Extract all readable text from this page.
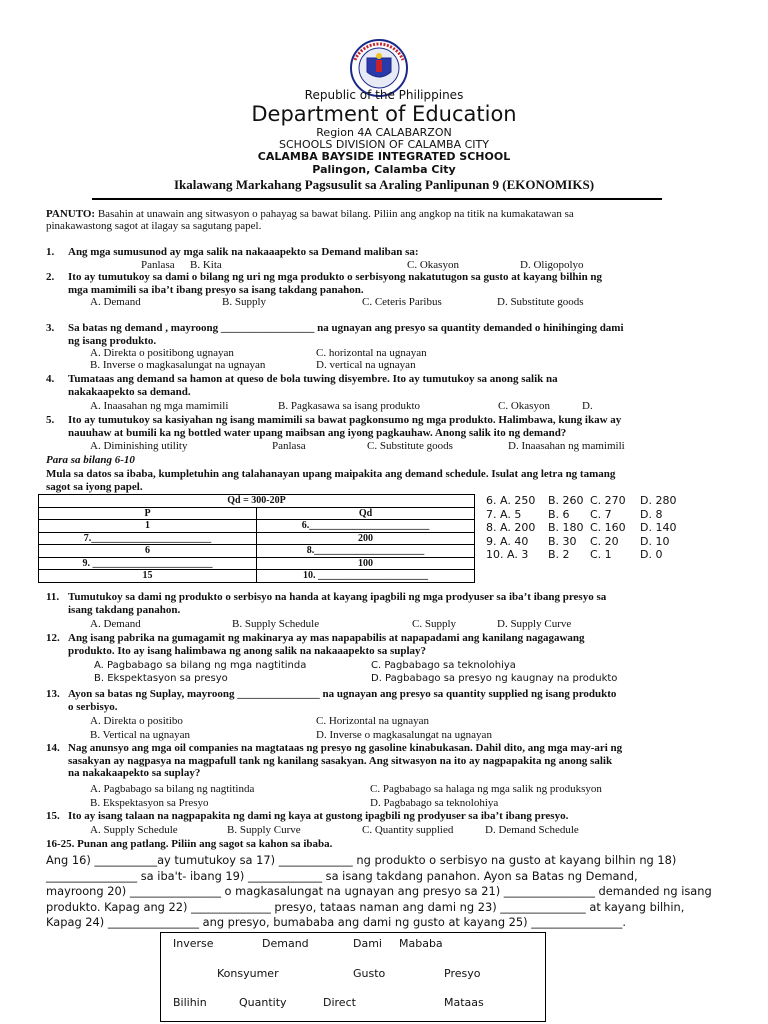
Republic of the Philippines
Department of Education
Region 4A CALABARZON
SCHOOLS DIVISION OF CALAMBA CITY
CALAMBA BAYSIDE INTEGRATED SCHOOL
Palingon, Calamba City
Ikalawang Markahang Pagsusulit sa Araling Panlipunan 9 (EKONOMIKS)
PANUTO: Basahin at unawain ang sitwasyon o pahayag sa bawat bilang. Piliin ang angkop na titik na kumakatawan sa
pinakawastong sagot at ilagay sa sagutang papel.
1. Ang mga sumusunod ay mga salik na nakaaapekto sa Demand maliban sa:
Panlasa B. Kita	C. Okasyon	D. Oligopolyo
2. Ito ay tumutukoy sa dami o bilang ng uri ng mga produkto o serbisyong nakatutugon sa gusto at kayang bilhin ng
mga mamimili sa iba’t ibang presyo sa isang takdang panahon.
A. Demand	B. Supply	C. Ceteris Paribus	D. Substitute goods
3. Sa batas ng demand , mayroong _________________ na ugnayan ang presyo sa quantity demanded o hinihinging dami
ng isang produkto.
A. Direkta o positibong ugnayan	C. horizontal na ugnayan
B. Inverse o magkasalungat na ugnayan	D. vertical na ugnayan
4. Tumataas ang demand sa hamon at queso de bola tuwing disyembre. Ito ay tumutukoy sa anong salik na
nakakaapekto sa demand.
A. Inaasahan ng mga mamimili	B. Pagkasawa sa isang produkto	C. Okasyon	D.
5. Ito ay tumutukoy sa kasiyahan ng isang mamimili sa bawat pagkonsumo ng mga produkto. Halimbawa, kung ikaw ay
nauuhaw at bumili ka ng bottled water upang maibsan ang iyong pagkauhaw. Anong salik ito ng demand?
A. Diminishing utility	Panlasa	C. Substitute goods	D. Inaasahan ng mamimili
Para sa bilang 6-10
Mula sa datos sa ibaba, kumpletuhin ang talahanayan upang maipakita ang demand schedule. Isulat ang letra ng tamang
sagot sa iyong papel.
Qd = 300-20P	
P	Qd
1	6.________________________
7.________________________	200
6	8.______________________
9. ________________________	100
15	10. ______________________
6. A. 250 B. 260 C. 270 D. 280
7. A. 5 B. 6 C. 7	D. 8
8. A. 200 B. 180 C. 160 D. 140
9. A. 40 B. 30 C. 20 D. 10
10. A. 3 B. 2 C. 1	D. 0
11. Tumutukoy sa dami ng produkto o serbisyo na handa at kayang ipagbili ng mga prodyuser sa iba’t ibang presyo sa
isang takdang panahon.
A. Demand	B. Supply Schedule	C. Supply	D. Supply Curve
12. Ang isang pabrika na gumagamit ng makinarya ay mas napapabilis at napapadami ang kanilang nagagawang
produkto. Ito ay isang halimbawa ng anong salik na nakaaapekto sa suplay?
A. Pagbabago sa bilang ng mga nagtitinda	C. Pagbabago sa teknolohiya
B. Ekspektasyon sa presyo	D. Pagbabago sa presyo ng kaugnay na produkto
13. Ayon sa batas ng Suplay, mayroong _______________ na ugnayan ang presyo sa quantity supplied ng isang produkto
o serbisyo.
A. Direkta o positibo	C. Horizontal na ugnayan
B. Vertical na ugnayan	D. Inverse o magkasalungat na ugnayan
14. Nag anunsyo ang mga oil companies na magtataas ng presyo ng gasoline kinabukasan. Dahil dito, ang mga may-ari ng
sasakyan ay nagpasya na magpafull tank ng kanilang sasakyan. Ang sitwasyon na ito ay nagpapakita ng anong salik
na nakakaapekto sa suplay?
A. Pagbabago sa bilang ng nagtitinda	C. Pagbabago sa halaga ng mga salik ng produksyon
B. Ekspektasyon sa Presyo	D. Pagbabago sa teknolohiya
15. Ito ay isang talaan na nagpapakita ng dami ng kaya at gustong ipagbili ng prodyuser sa iba’t ibang presyo.
A. Supply Schedule	B. Supply Curve	C. Quantity supplied	D. Demand Schedule
16-25. Punan ang patlang. Piliin ang sagot sa kahon sa ibaba.
Ang 16) ___________ay tumutukoy sa 17) _____________ ng produkto o serbisyo na gusto at kayang bilhin ng 18)
________________ sa iba't- ibang 19) _____________ sa isang takdang panahon. Ayon sa Batas ng Demand,
mayroong 20) ________________ o magkasalungat na ugnayan ang presyo sa 21) ________________ demanded ng isang
produkto. Kapag ang 22) ______________ presyo, tataas naman ang dami ng 23) _______________ at kayang bilhin,
Kapag 24) ________________ ang presyo, bumababa ang dami ng gusto at kayang 25) ________________.
Inverse	Demand	Dami Mababa
Konsyumer	Gusto	Presyo
Bilihin	Quantity	Direct	Mataas
